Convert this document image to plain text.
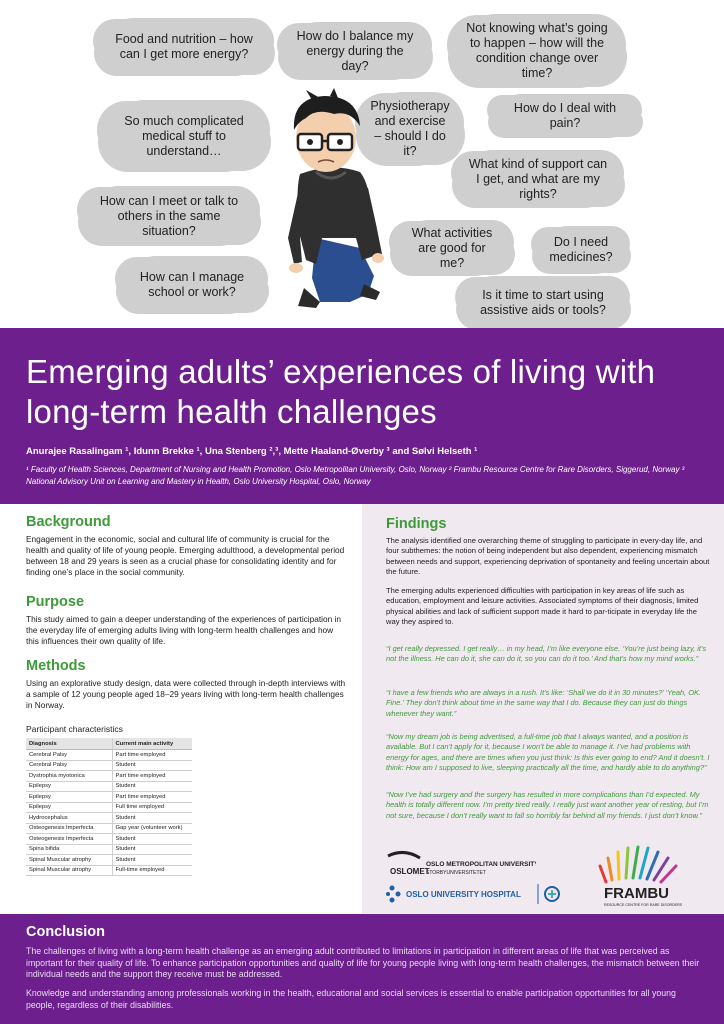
Food and nutrition – how can I get more energy?
How do I balance my energy during the day?
Not knowing what’s going to happen – how will the condition change over time?
So much complicated medical stuff to understand…
Physiotherapy and exercise – should I do it?
How do I deal with pain?
What kind of support can I get, and what are my rights?
How can I meet or talk to others in the same situation?	What activities are good for me?
Do I need medicines?
How can I manage school or work?	Is it time to start using assistive aids or tools?
Emerging adults’ experiences of living with long-term health challenges
Anurajee Rasalingam ¹, Idunn Brekke ¹, Una Stenberg ²,³, Mette Haaland-Øverby ³ and Sølvi Helseth ¹
¹ Faculty of Health Sciences, Department of Nursing and Health Promotion, Oslo Metropolitan University, Oslo, Norway ² Frambu Resource Centre for Rare Disorders, Siggerud, Norway ³ National Advisory Unit on Learning and Mastery in Health, Oslo University Hospital, Oslo, Norway
Background
Engagement in the economic, social and cultural life of community is crucial for the health and quality of life of young people. Emerging adulthood, a developmental period between 18 and 29 years is seen as a crucial phase for consolidating identity and for finding one’s place in the social community.
Purpose
This study aimed to gain a deeper understanding of the experiences of participation in the everyday life of emerging adults living with long-term health challenges and how this influences their own quality of life.
Methods
Using an explorative study design, data were collected through in-depth interviews with a sample of 12 young people aged 18–29 years living with long-term health challenges in Norway.
Participant characteristics
Diagnosis	Current main activity
Cerebral Palsy	Part time employed
Cerebral Palsy	Student
Dystrophia myotonica	Part time employed
Epilepsy	Student
Epilepsy	Part time employed
Epilepsy	Full time employed
Hydrocephalus	Student
Osteogenesis Imperfecta	Gap year (volunteer work)
Osteogenesis Imperfecta	Student
Spina bifida	Student
Spinal Muscular atrophy	Student
Spinal Muscular atrophy	Full-time employed
Findings
The analysis identified one overarching theme of struggling to participate in every-day life, and four subthemes: the notion of being independent but also dependent, experiencing mismatch between needs and support, experiencing deprivation of spontaneity and feeling uncertain about the future.
The emerging adults experienced difficulties with participation in key areas of life such as education, employment and leisure activities. Associated symptoms of their diagnosis, limited physical abilities and lack of sufficient support made it hard to par-ticipate in everyday life the way they aspired to.
“I get really depressed. I get really… in my head, I’m like everyone else. ‘You’re just being lazy, it’s not the illness. He can do it, she can do it, so you can do it too.’ And that’s how my mind works.”
“I have a few friends who are always in a rush. It’s like: ‘Shall we do it in 30 minutes?’ ‘Yeah, OK. Fine.’ They don’t think about time in the same way that I do. Because they can just do things whenever they want.”
“Now my dream job is being advertised, a full-time job that I always wanted, and a position is available. But I can’t apply for it, because I won’t be able to manage it. I’ve had problems with energy for ages, and there are times when you just think: Is this ever going to end? And it doesn’t. I think: How am I supposed to live, sleeping practically all the time, and hardly able to do anything?”
“Now I’ve had surgery and the surgery has resulted in more complications than I’d expected. My health is totally different now. I’m pretty tired really. I really just want another year of resting, but I’m not sure, because I don’t really want to fall so horribly far behind all my friends. I just don’t know.”
OSLOMET
OSLO METROPOLITAN UNIVERSITY
STORBYUNIVERSITETET
OSLO UNIVERSITY HOSPITAL	FRAMBU
RESOURCE CENTRE FOR RARE DISORDERS
Conclusion
The challenges of living with a long-term health challenge as an emerging adult contributed to limitations in participation in different areas of life that was perceived as important for their quality of life. To enhance participation opportunities and quality of life for young people living with long-term health challenges, the mismatch between their individual needs and the support they receive must be addressed.
Knowledge and understanding among professionals working in the health, educational and social services is essential to enable participation opportunities for all young people, regardless of their disabilities.
